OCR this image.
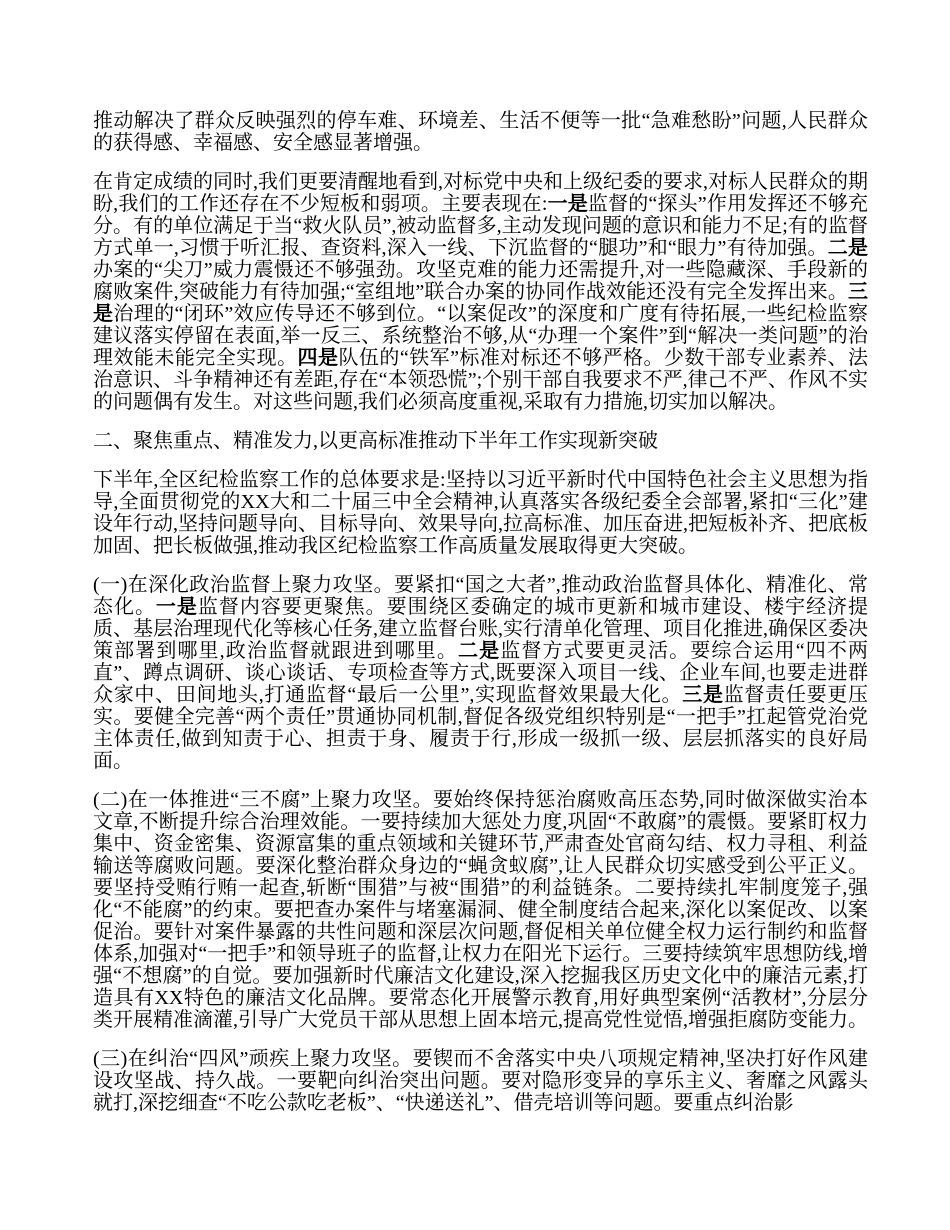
推动解决了群众反映强烈的停车难、环境差、生活不便等一批“急难愁盼”问题,人民群众的获得感、幸福感、安全感显著增强。

在肯定成绩的同时,我们更要清醒地看到,对标党中央和上级纪委的要求,对标人民群众的期盼,我们的工作还存在不少短板和弱项。主要表现在:一是监督的“探头”作用发挥还不够充分。有的单位满足于当“救火队员”,被动监督多,主动发现问题的意识和能力不足;有的监督方式单一,习惯于听汇报、查资料,深入一线、下沉监督的“腿功”和“眼力”有待加强。二是办案的“尖刀”威力震慑还不够强劲。攻坚克难的能力还需提升,对一些隐藏深、手段新的腐败案件,突破能力有待加强;“室组地”联合办案的协同作战效能还没有完全发挥出来。三是治理的“闭环”效应传导还不够到位。“以案促改”的深度和广度有待拓展,一些纪检监察建议落实停留在表面,举一反三、系统整治不够,从“办理一个案件”到“解决一类问题”的治理效能未能完全实现。四是队伍的“铁军”标准对标还不够严格。少数干部专业素养、法治意识、斗争精神还有差距,存在“本领恐慌”;个别干部自我要求不严,律己不严、作风不实的问题偶有发生。对这些问题,我们必须高度重视,采取有力措施,切实加以解决。

二、聚焦重点、精准发力,以更高标准推动下半年工作实现新突破

下半年,全区纪检监察工作的总体要求是:坚持以习近平新时代中国特色社会主义思想为指导,全面贯彻党的XX大和二十届三中全会精神,认真落实各级纪委全会部署,紧扣“三化”建设年行动,坚持问题导向、目标导向、效果导向,拉高标准、加压奋进,把短板补齐、把底板加固、把长板做强,推动我区纪检监察工作高质量发展取得更大突破。

(一)在深化政治监督上聚力攻坚。要紧扣“国之大者”,推动政治监督具体化、精准化、常态化。一是监督内容要更聚焦。要围绕区委确定的城市更新和城市建设、楼宇经济提质、基层治理现代化等核心任务,建立监督台账,实行清单化管理、项目化推进,确保区委决策部署到哪里,政治监督就跟进到哪里。二是监督方式要更灵活。要综合运用“四不两直”、蹲点调研、谈心谈话、专项检查等方式,既要深入项目一线、企业车间,也要走进群众家中、田间地头,打通监督“最后一公里”,实现监督效果最大化。三是监督责任要更压实。要健全完善“两个责任”贯通协同机制,督促各级党组织特别是“一把手”扛起管党治党主体责任,做到知责于心、担责于身、履责于行,形成一级抓一级、层层抓落实的良好局面。

(二)在一体推进“三不腐”上聚力攻坚。要始终保持惩治腐败高压态势,同时做深做实治本文章,不断提升综合治理效能。一要持续加大惩处力度,巩固“不敢腐”的震慑。要紧盯权力集中、资金密集、资源富集的重点领域和关键环节,严肃查处官商勾结、权力寻租、利益输送等腐败问题。要深化整治群众身边的“蝇贪蚁腐”,让人民群众切实感受到公平正义。要坚持受贿行贿一起查,斩断“围猎”与被“围猎”的利益链条。二要持续扎牢制度笼子,强化“不能腐”的约束。要把查办案件与堵塞漏洞、健全制度结合起来,深化以案促改、以案促治。要针对案件暴露的共性问题和深层次问题,督促相关单位健全权力运行制约和监督体系,加强对“一把手”和领导班子的监督,让权力在阳光下运行。三要持续筑牢思想防线,增强“不想腐”的自觉。要加强新时代廉洁文化建设,深入挖掘我区历史文化中的廉洁元素,打造具有XX特色的廉洁文化品牌。要常态化开展警示教育,用好典型案例“活教材”,分层分类开展精准滴灌,引导广大党员干部从思想上固本培元,提高党性觉悟,增强拒腐防变能力。

(三)在纠治“四风”顽疾上聚力攻坚。要锲而不舍落实中央八项规定精神,坚决打好作风建设攻坚战、持久战。一要靶向纠治突出问题。要对隐形变异的享乐主义、奢靡之风露头就打,深挖细查“不吃公款吃老板”、“快递送礼”、借壳培训等问题。要重点纠治影
